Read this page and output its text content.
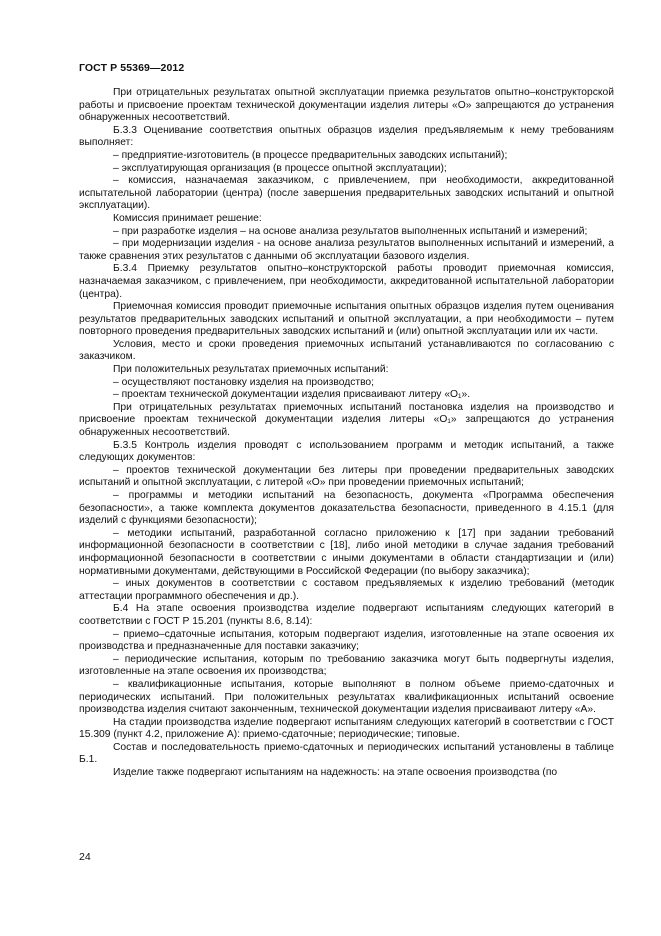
ГОСТ Р 55369—2012

При отрицательных результатах опытной эксплуатации приемка результатов опытно–конструкторской работы и присвоение проектам технической документации изделия литеры «О» запрещаются до устранения обнаруженных несоответствий.

Б.3.3 Оценивание соответствия опытных образцов изделия предъявляемым к нему требованиям выполняет:

– предприятие-изготовитель (в процессе предварительных заводских испытаний);

– эксплуатирующая организация (в процессе опытной эксплуатации);

– комиссия, назначаемая заказчиком, с привлечением, при необходимости, аккредитованной испытательной лаборатории (центра) (после завершения предварительных заводских испытаний и опытной эксплуатации).

Комиссия принимает решение:

– при разработке изделия – на основе анализа результатов выполненных испытаний и измерений;

– при модернизации изделия - на основе анализа результатов выполненных испытаний и измерений, а также сравнения этих результатов с данными об эксплуатации базового изделия.

Б.3.4 Приемку результатов опытно–конструкторской работы проводит приемочная комиссия, назначаемая заказчиком, с привлечением, при необходимости, аккредитованной испытательной лаборатории (центра).

Приемочная комиссия проводит приемочные испытания опытных образцов изделия путем оценивания результатов предварительных заводских испытаний и опытной эксплуатации, а при необходимости – путем повторного проведения предварительных заводских испытаний и (или) опытной эксплуатации или их части.

Условия, место и сроки проведения приемочных испытаний устанавливаются по согласованию с заказчиком.

При положительных результатах приемочных испытаний:

– осуществляют постановку изделия на производство;

– проектам технической документации изделия присваивают литеру «О₁».

При отрицательных результатах приемочных испытаний постановка изделия на производство и присвоение проектам технической документации изделия литеры «О₁» запрещаются до устранения обнаруженных несоответствий.

Б.3.5 Контроль изделия проводят с использованием программ и методик испытаний, а также следующих документов:

– проектов технической документации без литеры при проведении предварительных заводских испытаний и опытной эксплуатации, с литерой «О» при проведении приемочных испытаний;

– программы и методики испытаний на безопасность, документа «Программа обеспечения безопасности», а также комплекта документов доказательства безопасности, приведенного в 4.15.1 (для изделий с функциями безопасности);

– методики испытаний, разработанной согласно приложению к [17] при задании требований информационной безопасности в соответствии с [18], либо иной методики в случае задания требований информационной безопасности в соответствии с иными документами в области стандартизации и (или) нормативными документами, действующими в Российской Федерации (по выбору заказчика);

– иных документов в соответствии с составом предъявляемых к изделию требований (методик аттестации программного обеспечения и др.).

Б.4 На этапе освоения производства изделие подвергают испытаниям следующих категорий в соответствии с ГОСТ Р 15.201 (пункты 8.6, 8.14):

– приемо–сдаточные испытания, которым подвергают изделия, изготовленные на этапе освоения их производства и предназначенные для поставки заказчику;

– периодические испытания, которым по требованию заказчика могут быть подвергнуты изделия, изготовленные на этапе освоения их производства;

– квалификационные испытания, которые выполняют в полном объеме приемо-сдаточных и периодических испытаний. При положительных результатах квалификационных испытаний освоение производства изделия считают законченным, технической документации изделия присваивают литеру «А».

На стадии производства изделие подвергают испытаниям следующих категорий в соответствии с ГОСТ 15.309 (пункт 4.2, приложение А): приемо-сдаточные; периодические; типовые.

Состав и последовательность приемо-сдаточных и периодических испытаний установлены в таблице Б.1.

Изделие также подвергают испытаниям на надежность: на этапе освоения производства (по

24
